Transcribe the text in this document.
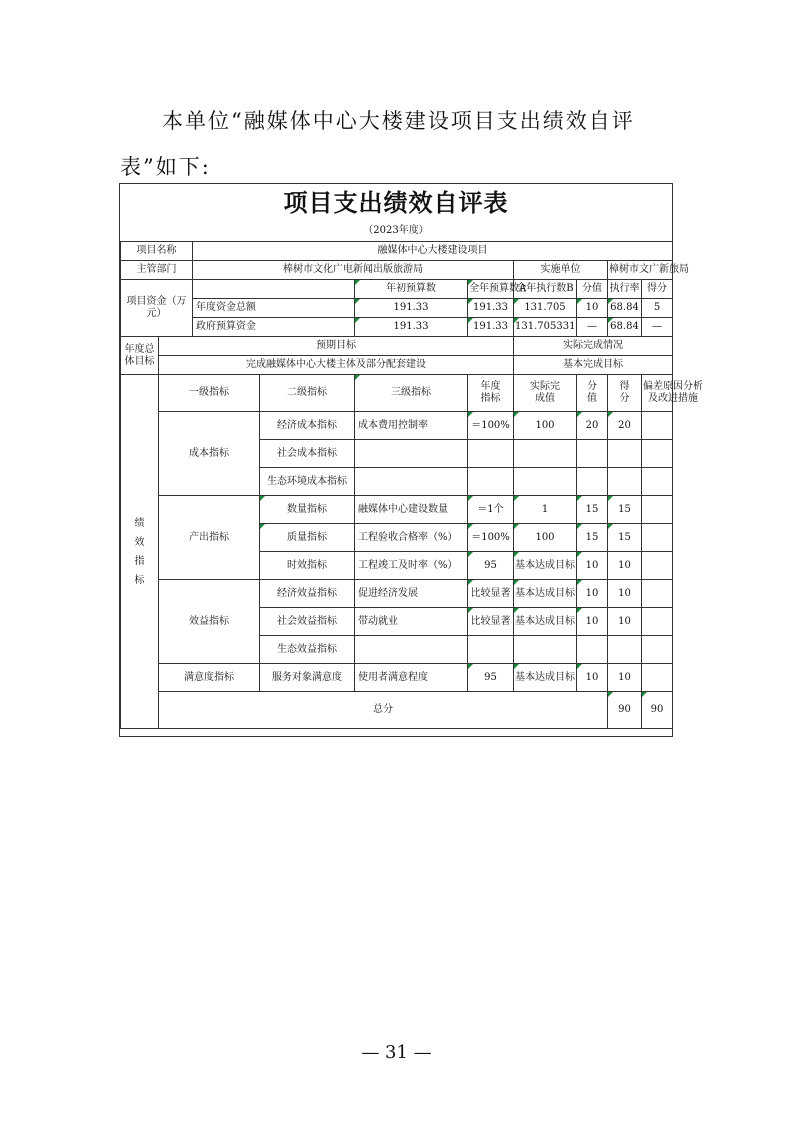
本单位“融媒体中心大楼建设项目支出绩效自评表”如下:
项目支出绩效自评表
（2023年度）
项目名称		融媒体中心大楼建设项目								
主管部门		棒树市文化广电新闻出版旅游局				实施单位		樟树市文广新旅局		
项目资金（万元）				年初预算数	全年预算数A	全年执行数B	分值	执行率	得分	
		年度资金总额		191.33	191.33	131.705	10	68.84	5	
		政府预算资金		191.33	191.33	131.705331	—	68.84	—	
年度总体目标	预期目标					实际完成情况				
	完成融媒体中心大楼主体及部分配套建设					基本完成目标				
绩效指标	一级指标		二级指标	三级指标	年度指标	实际完成值	分值	得分	偏差原因分析及改进措施	
	成本指标		经济成本指标	成本费用控制率	＝100%	100	20	20		
			社会成本指标							
			生态环境成本指标							
	产出指标		数量指标	融媒体中心建设数量	＝1个	1	15	15		
			质量指标	工程验收合格率（%）	＝100%	100	15	15		
			时效指标	工程竣工及时率（%）	95	基本达成目标	10	10		
	效益指标		经济效益指标	促进经济发展	比较显著	基本达成目标	10	10		
			社会效益指标	带动就业	比较显著	基本达成目标	10	10		
			生态效益指标							
	满意度指标		服务对象满意度	使用者满意程度	95	基本达成目标	10	10		
	总分							90	90	
— 31 —
